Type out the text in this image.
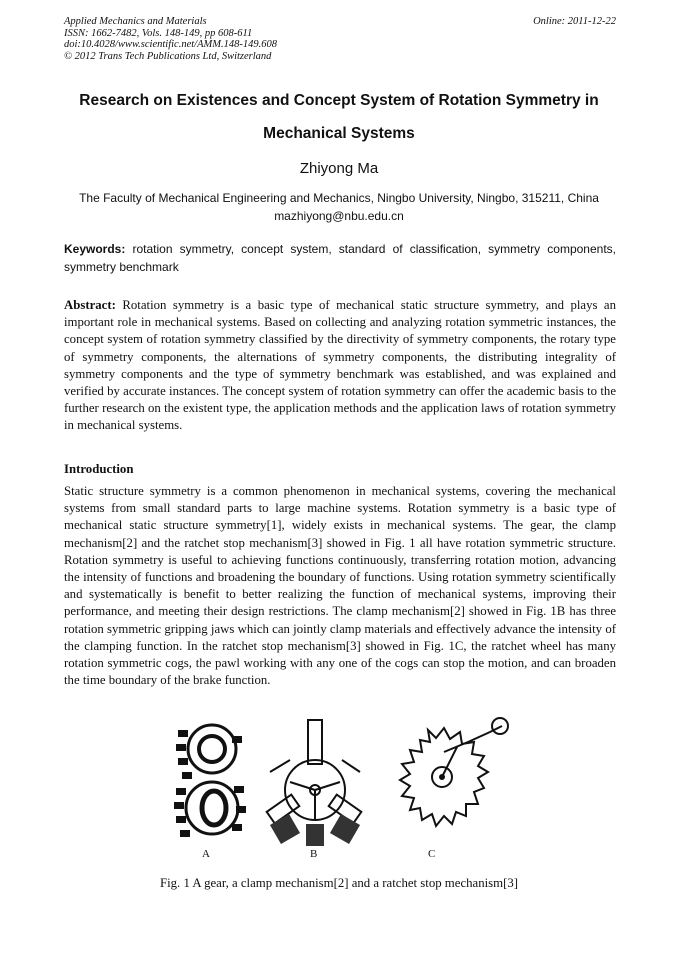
Applied Mechanics and Materials
ISSN: 1662-7482, Vols. 148-149, pp 608-611
doi:10.4028/www.scientific.net/AMM.148-149.608
© 2012 Trans Tech Publications Ltd, Switzerland
Online: 2011-12-22
Research on Existences and Concept System of Rotation Symmetry in
Mechanical Systems
Zhiyong Ma
The Faculty of Mechanical Engineering and Mechanics, Ningbo University, Ningbo, 315211, China
mazhiyong@nbu.edu.cn
Keywords: rotation symmetry, concept system, standard of classification, symmetry components, symmetry benchmark
Abstract: Rotation symmetry is a basic type of mechanical static structure symmetry, and plays an important role in mechanical systems. Based on collecting and analyzing rotation symmetric instances, the concept system of rotation symmetry classified by the directivity of symmetry components, the rotary type of symmetry components, the alternations of symmetry components, the distributing integrality of symmetry components and the type of symmetry benchmark was established, and was explained and verified by accurate instances. The concept system of rotation symmetry can offer the academic basis to the further research on the existent type, the application methods and the application laws of rotation symmetry in mechanical systems.
Introduction
Static structure symmetry is a common phenomenon in mechanical systems, covering the mechanical systems from small standard parts to large machine systems. Rotation symmetry is a basic type of mechanical static structure symmetry[1], widely exists in mechanical systems. The gear, the clamp mechanism[2] and the ratchet stop mechanism[3] showed in Fig. 1 all have rotation symmetric structure. Rotation symmetry is useful to achieving functions continuously, transferring rotation motion, advancing the intensity of functions and broadening the boundary of functions. Using rotation symmetry scientifically and systematically is benefit to better realizing the function of mechanical systems, improving their performance, and meeting their design restrictions. The clamp mechanism[2] showed in Fig. 1B has three rotation symmetric gripping jaws which can jointly clamp materials and effectively advance the intensity of the clamping function. In the ratchet stop mechanism[3] showed in Fig. 1C, the ratchet wheel has many rotation symmetric cogs, the pawl working with any one of the cogs can stop the motion, and can broaden the time boundary of the brake function.
A	B	C
Fig. 1 A gear, a clamp mechanism[2] and a ratchet stop mechanism[3]
